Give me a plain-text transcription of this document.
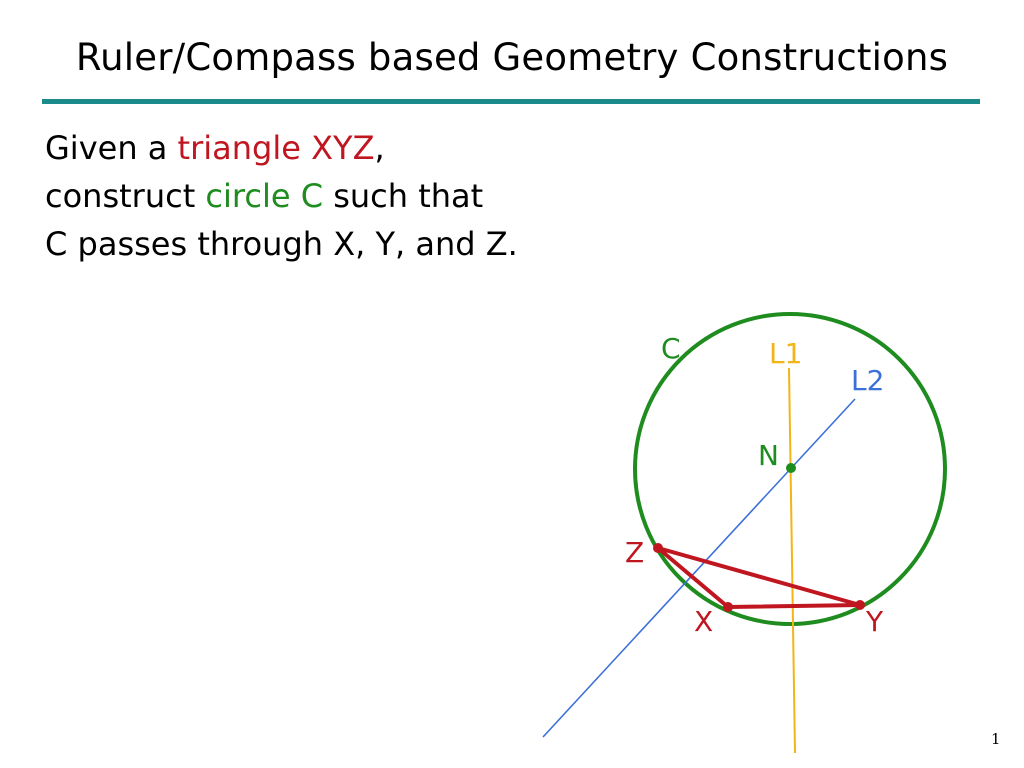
Ruler/Compass based Geometry Constructions

Given a triangle XYZ,

construct circle C such that

C passes through X, Y, and Z.

C	L1
L2
N
Z
X	Y
1
